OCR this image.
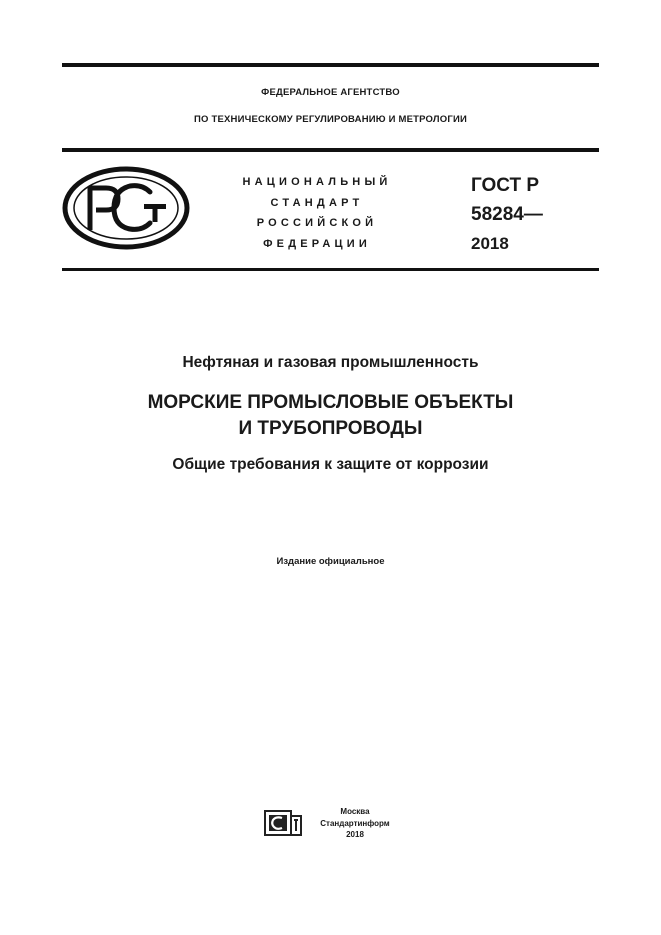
ФЕДЕРАЛЬНОЕ АГЕНТСТВО
ПО ТЕХНИЧЕСКОМУ РЕГУЛИРОВАНИЮ И МЕТРОЛОГИИ
НАЦИОНАЛЬНЫЙ
СТАНДАРТ
РОССИЙСКОЙ
ФЕДЕРАЦИИ
ГОСТ Р
58284—
2018
Нефтяная и газовая промышленность
МОРСКИЕ ПРОМЫСЛОВЫЕ ОБЪЕКТЫ
И ТРУБОПРОВОДЫ
Общие требования к защите от коррозии
Издание официальное
Москва
Стандартинформ
2018
